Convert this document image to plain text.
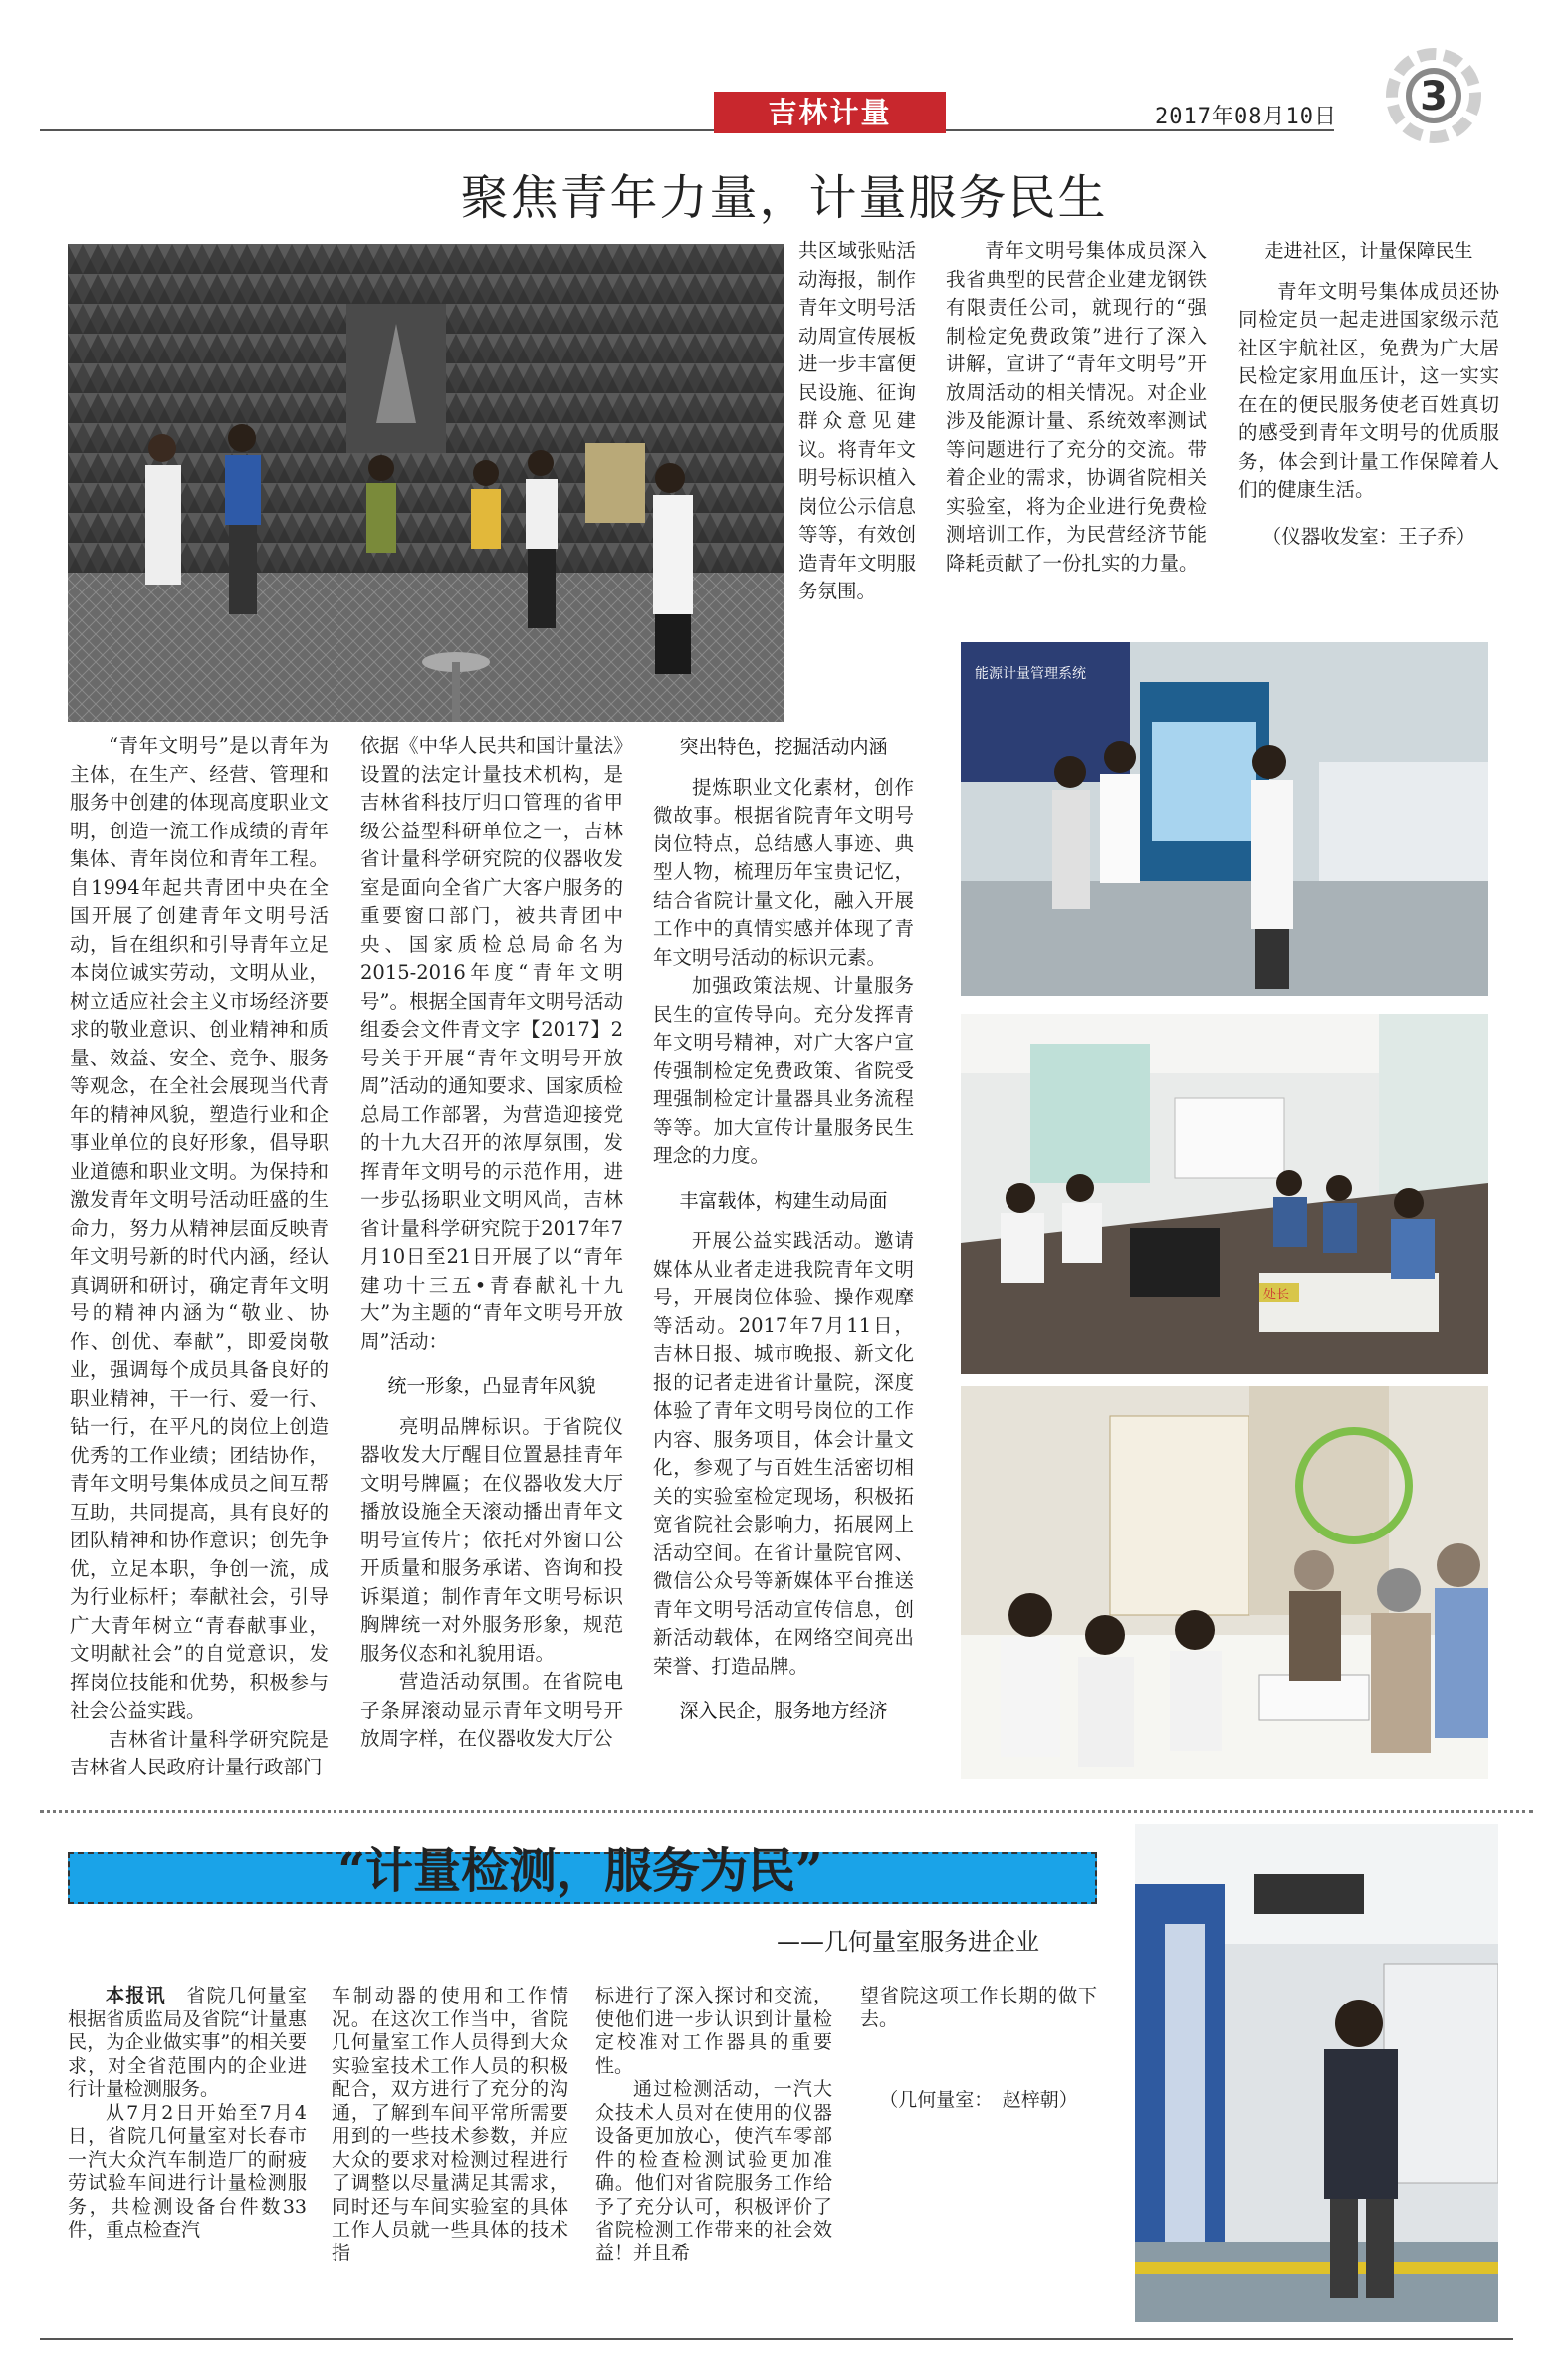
吉林计量	2017年08月10日 3
聚焦青年力量，计量服务民生

共区域张贴活动海报，制作青年文明号活动周宣传展板进一步丰富便民设施、征询群众意见建议。将青年文明号标识植入岗位公示信息等等，有效创造青年文明服务氛围。

青年文明号集体成员深入我省典型的民营企业建龙钢铁有限责任公司，就现行的“强制检定免费政策”进行了深入讲解，宣讲了“青年文明号”开放周活动的相关情况。对企业涉及能源计量、系统效率测试等问题进行了充分的交流。带着企业的需求，协调省院相关实验室，将为企业进行免费检测培训工作，为民营经济节能降耗贡献了一份扎实的力量。

走进社区，计量保障民生

青年文明号集体成员还协同检定员一起走进国家级示范社区宇航社区，免费为广大居民检定家用血压计，这一实实在在的便民服务使老百姓真切的感受到青年文明号的优质服务，体会到计量工作保障着人们的健康生活。

（仪器收发室：王子乔）

“青年文明号”是以青年为主体，在生产、经营、管理和服务中创建的体现高度职业文明，创造一流工作成绩的青年集体、青年岗位和青年工程。自1994年起共青团中央在全国开展了创建青年文明号活动，旨在组织和引导青年立足本岗位诚实劳动，文明从业，树立适应社会主义市场经济要求的敬业意识、创业精神和质量、效益、安全、竞争、服务等观念，在全社会展现当代青年的精神风貌，塑造行业和企事业单位的良好形象，倡导职业道德和职业文明。为保持和激发青年文明号活动旺盛的生命力，努力从精神层面反映青年文明号新的时代内涵，经认真调研和研讨，确定青年文明号的精神内涵为“敬业、协作、创优、奉献”，即爱岗敬业，强调每个成员具备良好的职业精神，干一行、爱一行、钻一行，在平凡的岗位上创造优秀的工作业绩；团结协作，青年文明号集体成员之间互帮互助，共同提高，具有良好的团队精神和协作意识；创先争优，立足本职，争创一流，成为行业标杆；奉献社会，引导广大青年树立“青春献事业，文明献社会”的自觉意识，发挥岗位技能和优势，积极参与社会公益实践。

吉林省计量科学研究院是吉林省人民政府计量行政部门

依据《中华人民共和国计量法》设置的法定计量技术机构，是吉林省科技厅归口管理的省甲级公益型科研单位之一，吉林省计量科学研究院的仪器收发室是面向全省广大客户服务的重要窗口部门，被共青团中央、国家质检总局命名为2015-2016年度“青年文明号”。根据全国青年文明号活动组委会文件青文字【2017】2号关于开展“青年文明号开放周”活动的通知要求、国家质检总局工作部署，为营造迎接党的十九大召开的浓厚氛围，发挥青年文明号的示范作用，进一步弘扬职业文明风尚，吉林省计量科学研究院于2017年7月10日至21日开展了以“青年建功十三五•青春献礼十九大”为主题的“青年文明号开放周”活动：

统一形象，凸显青年风貌

亮明品牌标识。于省院仪器收发大厅醒目位置悬挂青年文明号牌匾；在仪器收发大厅播放设施全天滚动播出青年文明号宣传片；依托对外窗口公开质量和服务承诺、咨询和投诉渠道；制作青年文明号标识胸牌统一对外服务形象，规范服务仪态和礼貌用语。

营造活动氛围。在省院电子条屏滚动显示青年文明号开放周字样，在仪器收发大厅公

突出特色，挖掘活动内涵

提炼职业文化素材，创作微故事。根据省院青年文明号岗位特点，总结感人事迹、典型人物，梳理历年宝贵记忆，结合省院计量文化，融入开展工作中的真情实感并体现了青年文明号活动的标识元素。

加强政策法规、计量服务民生的宣传导向。充分发挥青年文明号精神，对广大客户宣传强制检定免费政策、省院受理强制检定计量器具业务流程等等。加大宣传计量服务民生理念的力度。

丰富载体，构建生动局面

开展公益实践活动。邀请媒体从业者走进我院青年文明号，开展岗位体验、操作观摩等活动。2017年7月11日，吉林日报、城市晚报、新文化报的记者走进省计量院，深度体验了青年文明号岗位的工作内容、服务项目，体会计量文化，参观了与百姓生活密切相关的实验室检定现场，积极拓宽省院社会影响力，拓展网上活动空间。在省计量院官网、微信公众号等新媒体平台推送青年文明号活动宣传信息，创新活动载体，在网络空间亮出荣誉、打造品牌。

深入民企，服务地方经济

能源计量管理系统
处长
“计量检测，服务为民”
——几何量室服务进企业

本报讯　 省院几何量室根据省质监局及省院“计量惠民，为企业做实事”的相关要求，对全省范围内的企业进行计量检测服务。

从7月2日开始至7月4日，省院几何量室对长春市一汽大众汽车制造厂的耐疲劳试验车间进行计量检测服务，共检测设备台件数33件，重点检查汽

车制动器的使用和工作情况。在这次工作当中，省院几何量室工作人员得到大众实验室技术工作人员的积极配合，双方进行了充分的沟通，了解到车间平常所需要用到的一些技术参数，并应大众的要求对检测过程进行了调整以尽量满足其需求，同时还与车间实验室的具体工作人员就一些具体的技术指

标进行了深入探讨和交流，使他们进一步认识到计量检定校准对工作器具的重要性。

通过检测活动，一汽大众技术人员对在使用的仪器设备更加放心，使汽车零部件的检查检测试验更加准确。他们对省院服务工作给予了充分认可，积极评价了省院检测工作带来的社会效益！并且希

望省院这项工作长期的做下去。

（几何量室：　赵梓朝）
